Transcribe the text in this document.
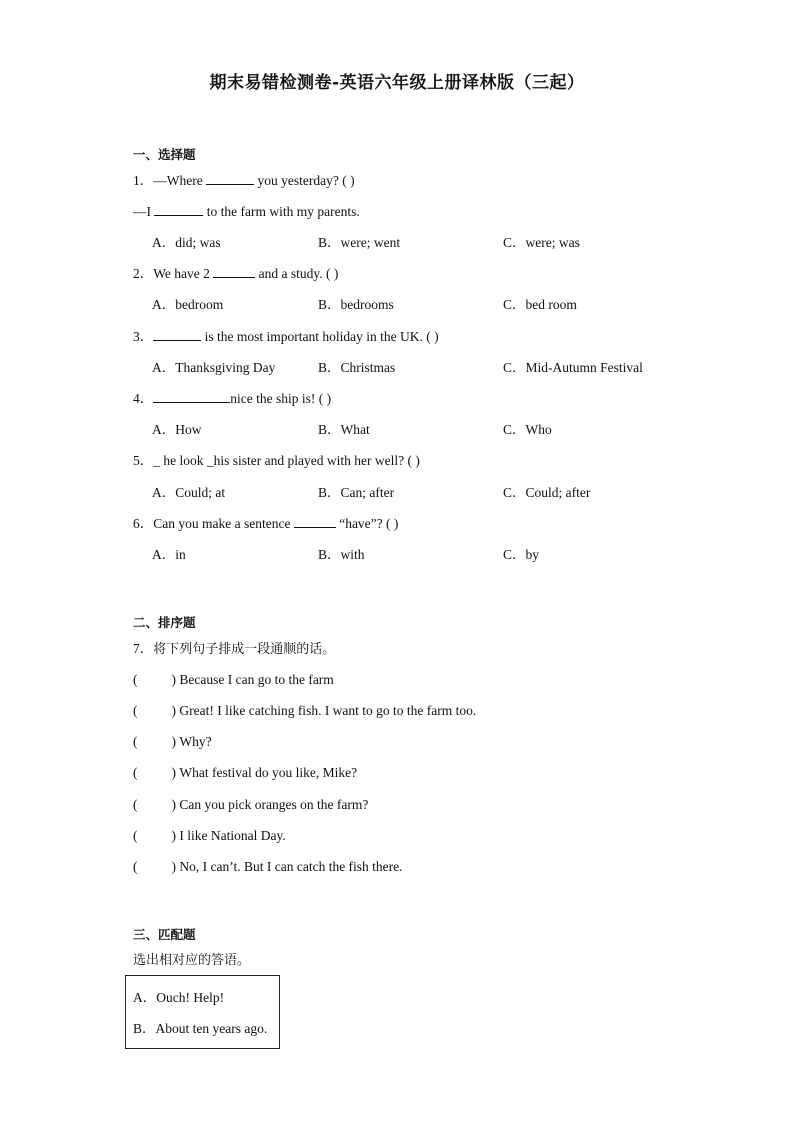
期末易错检测卷-英语六年级上册译林版（三起）
一、选择题
1．—Where	you yesterday? ( )
—I	to the farm with my parents.
A．did; was	B．were; went	C．were; was
2．We have 2	and a study. ( )
A．bedroom	B．bedrooms	C．bed room
3．	is the most important holiday in the UK. ( )
A．Thanksgiving Day	B．Christmas	C．Mid-Autumn Festival
4．	nice the ship is! ( )
A．How	B．What	C．Who
5．_ he look _his sister and played with her well? ( )
A．Could; at	B．Can; after	C．Could; after
6．Can you make a sentence	“have”? ( )
A．in	B．with	C．by
二、排序题
7．将下列句子排成一段通顺的话。
(	) Because I can go to the farm
(	) Great! I like catching fish. I want to go to the farm too.
(	) Why?
(	) What festival do you like, Mike?
(	) Can you pick oranges on the farm?
(	) I like National Day.
(	) No, I can’t. But I can catch the fish there.
三、匹配题
选出相对应的答语。
A．Ouch! Help!
B．About ten years ago.
